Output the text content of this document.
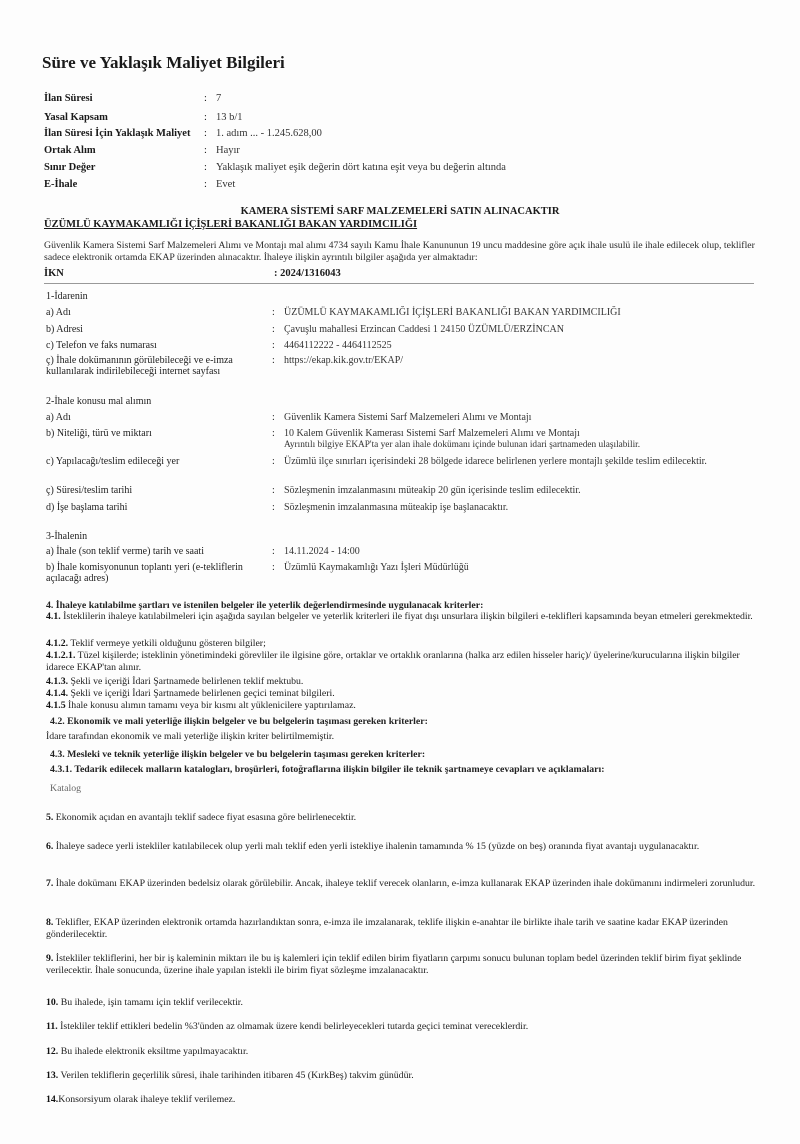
Süre ve Yaklaşık Maliyet Bilgileri
İlan Süresi	: 7
Yasal Kapsam	: 13 b/1
İlan Süresi İçin Yaklaşık Maliyet	: 1. adım ... - 1.245.628,00
Ortak Alım	: Hayır
Sınır Değer	: Yaklaşık maliyet eşik değerin dört katına eşit veya bu değerin altında
E-İhale	: Evet
KAMERA SİSTEMİ SARF MALZEMELERİ SATIN ALINACAKTIR
ÜZÜMLÜ KAYMAKAMLIĞI İÇİŞLERİ BAKANLIĞI BAKAN YARDIMCILIĞI
Güvenlik Kamera Sistemi Sarf Malzemeleri Alımı ve Montajı mal alımı 4734 sayılı Kamu İhale Kanununun 19 uncu maddesine göre açık ihale usulü ile ihale edilecek olup, teklifler sadece elektronik ortamda EKAP üzerinden alınacaktır. İhaleye ilişkin ayrıntılı bilgiler aşağıda yer almaktadır:
İKN	: 2024/1316043
1-İdarenin
a) Adı	: ÜZÜMLÜ KAYMAKAMLIĞI İÇİŞLERİ BAKANLIĞI BAKAN YARDIMCILIĞI
b) Adresi	: Çavuşlu mahallesi Erzincan Caddesi 1 24150 ÜZÜMLÜ/ERZİNCAN
c) Telefon ve faks numarası	: 4464112222 - 4464112525
ç) İhale dokümanının görülebileceği ve e-imza kullanılarak indirilebileceği internet sayfası
: https://ekap.kik.gov.tr/EKAP/
2-İhale konusu mal alımın
a) Adı	: Güvenlik Kamera Sistemi Sarf Malzemeleri Alımı ve Montajı
b) Niteliği, türü ve miktarı	: 10 Kalem Güvenlik Kamerası Sistemi Sarf Malzemeleri Alımı ve Montajı
Ayrıntılı bilgiye EKAP'ta yer alan ihale dokümanı içinde bulunan idari şartnameden ulaşılabilir.
c) Yapılacağı/teslim edileceği yer	: Üzümlü ilçe sınırları içerisindeki 28 bölgede idarece belirlenen yerlere montajlı şekilde teslim edilecektir.
ç) Süresi/teslim tarihi	: Sözleşmenin imzalanmasını müteakip 20 gün içerisinde teslim edilecektir.
d) İşe başlama tarihi	: Sözleşmenin imzalanmasına müteakip işe başlanacaktır.
3-İhalenin
a) İhale (son teklif verme) tarih ve saati	: 14.11.2024 - 14:00
b) İhale komisyonunun toplantı yeri (e-tekliflerin açılacağı adres)
: Üzümlü Kaymakamlığı Yazı İşleri Müdürlüğü
4. İhaleye katılabilme şartları ve istenilen belgeler ile yeterlik değerlendirmesinde uygulanacak kriterler:
4.1. İsteklilerin ihaleye katılabilmeleri için aşağıda sayılan belgeler ve yeterlik kriterleri ile fiyat dışı unsurlara ilişkin bilgileri e-teklifleri kapsamında beyan etmeleri gerekmektedir.
4.1.2. Teklif vermeye yetkili olduğunu gösteren bilgiler;
4.1.2.1. Tüzel kişilerde; isteklinin yönetimindeki görevliler ile ilgisine göre, ortaklar ve ortaklık oranlarına (halka arz edilen hisseler hariç)/ üyelerine/kurucularına ilişkin bilgiler idarece EKAP'tan alınır.
4.1.3. Şekli ve içeriği İdari Şartnamede belirlenen teklif mektubu.
4.1.4. Şekli ve içeriği İdari Şartnamede belirlenen geçici teminat bilgileri.
4.1.5 İhale konusu alımın tamamı veya bir kısmı alt yüklenicilere yaptırılamaz.
4.2. Ekonomik ve mali yeterliğe ilişkin belgeler ve bu belgelerin taşıması gereken kriterler:
İdare tarafından ekonomik ve mali yeterliğe ilişkin kriter belirtilmemiştir.
4.3. Mesleki ve teknik yeterliğe ilişkin belgeler ve bu belgelerin taşıması gereken kriterler:
4.3.1. Tedarik edilecek malların katalogları, broşürleri, fotoğraflarına ilişkin bilgiler ile teknik şartnameye cevapları ve açıklamaları:
Katalog
5. Ekonomik açıdan en avantajlı teklif sadece fiyat esasına göre belirlenecektir.
6. İhaleye sadece yerli istekliler katılabilecek olup yerli malı teklif eden yerli istekliye ihalenin tamamında % 15 (yüzde on beş) oranında fiyat avantajı uygulanacaktır.
7. İhale dokümanı EKAP üzerinden bedelsiz olarak görülebilir. Ancak, ihaleye teklif verecek olanların, e-imza kullanarak EKAP üzerinden ihale dokümanını indirmeleri zorunludur.
8. Teklifler, EKAP üzerinden elektronik ortamda hazırlandıktan sonra, e-imza ile imzalanarak, teklife ilişkin e-anahtar ile birlikte ihale tarih ve saatine kadar EKAP üzerinden gönderilecektir.
9. İstekliler tekliflerini, her bir iş kaleminin miktarı ile bu iş kalemleri için teklif edilen birim fiyatların çarpımı sonucu bulunan toplam bedel üzerinden teklif birim fiyat şeklinde verilecektir. İhale sonucunda, üzerine ihale yapılan istekli ile birim fiyat sözleşme imzalanacaktır.
10. Bu ihalede, işin tamamı için teklif verilecektir.
11. İstekliler teklif ettikleri bedelin %3'ünden az olmamak üzere kendi belirleyecekleri tutarda geçici teminat vereceklerdir.
12. Bu ihalede elektronik eksiltme yapılmayacaktır.
13. Verilen tekliflerin geçerlilik süresi, ihale tarihinden itibaren 45 (KırkBeş) takvim günüdür.
14.Konsorsiyum olarak ihaleye teklif verilemez.
